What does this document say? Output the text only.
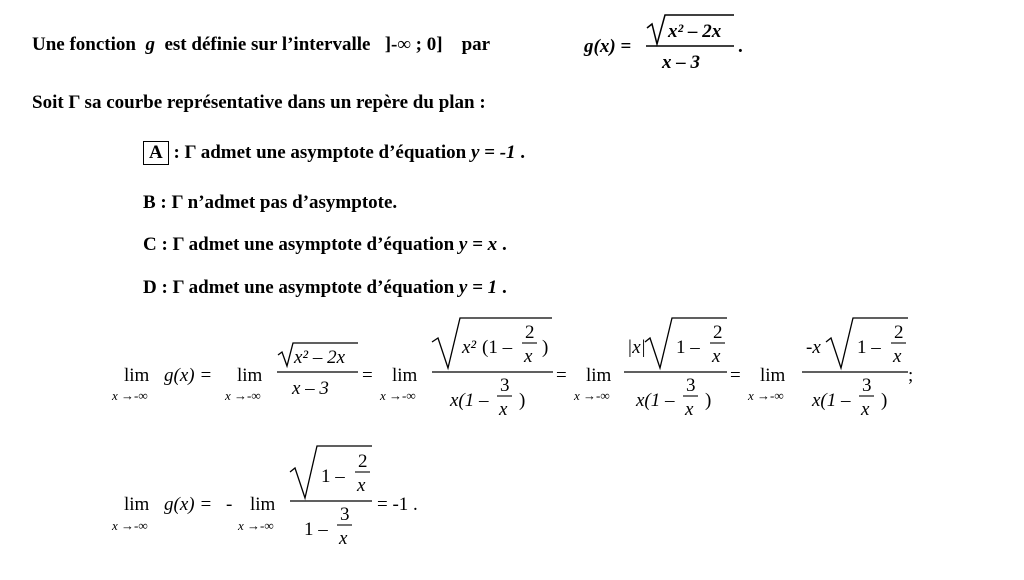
Une fonction g est définie sur l’intervalle ]-∞ ; 0] par	g(x) =
x² – 2x
x – 3
.
lim
x →-∞
g(x) = lim
x →-∞
x² – 2x
x – 3
= lim
x →-∞
x² (1 –
2
x )
x(1 –
3
x )
= lim
x →-∞
|x| 1 –
2
x
x(1 –
3
x )
= lim
x →-∞
-x 1 –
2
x
x(1 –
3
x )
;
lim
x →-∞
g(x) = - lim
x →-∞
1 –
2
x
1 –
3
x
= -1 .
Soit Γ sa courbe représentative dans un repère du plan :
A : Γ admet une asymptote d’équation y = -1 .
B : Γ n’admet pas d’asymptote.
C : Γ admet une asymptote d’équation y = x .
D : Γ admet une asymptote d’équation y = 1 .
